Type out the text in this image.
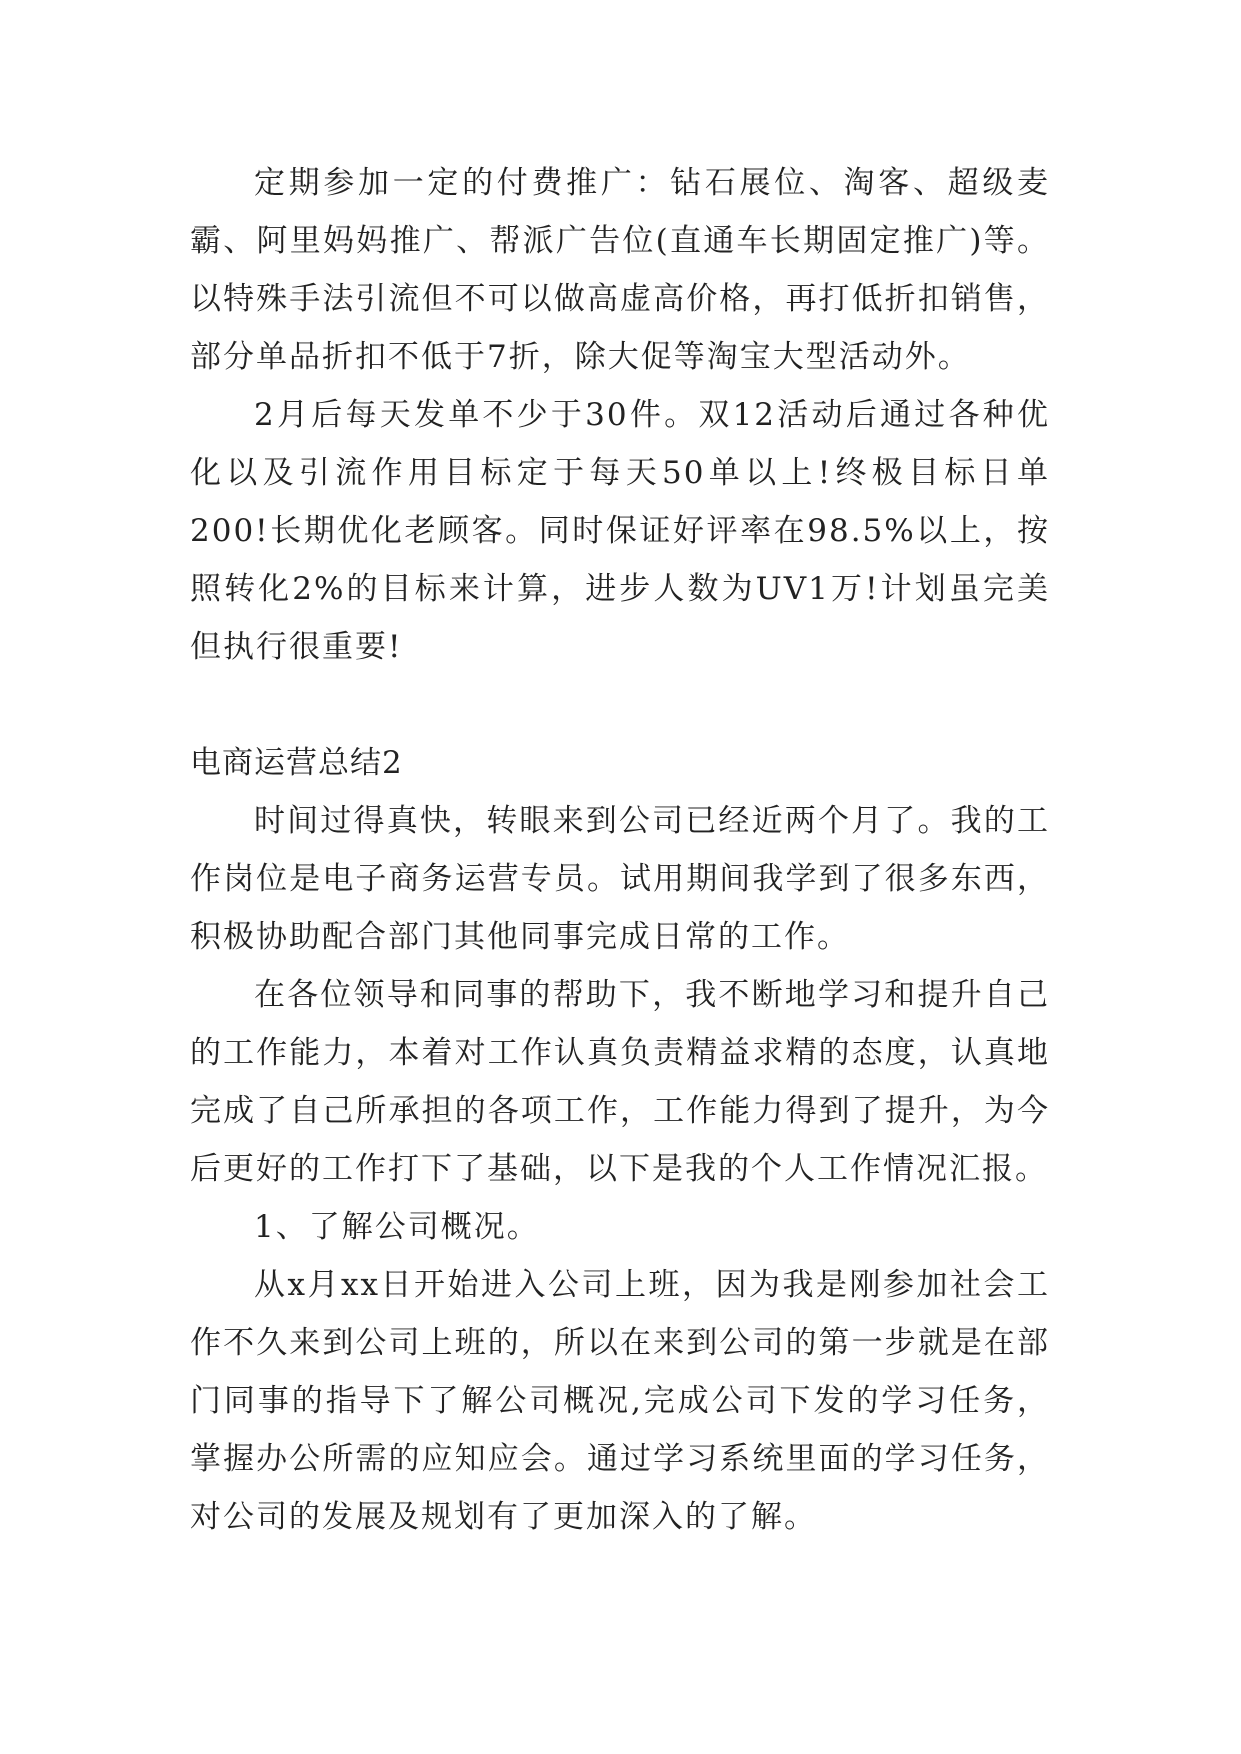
定期参加一定的付费推广：钻石展位、淘客、超级麦霸、阿里妈妈推广、帮派广告位(直通车长期固定推广)等。以特殊手法引流但不可以做高虚高价格，再打低折扣销售，部分单品折扣不低于7折，除大促等淘宝大型活动外。

2月后每天发单不少于30件。双12活动后通过各种优化以及引流作用目标定于每天50单以上!终极目标日单200!长期优化老顾客。同时保证好评率在98.5%以上，按照转化2%的目标来计算，进步人数为UV1万!计划虽完美但执行很重要!

电商运营总结2

时间过得真快，转眼来到公司已经近两个月了。我的工作岗位是电子商务运营专员。试用期间我学到了很多东西，积极协助配合部门其他同事完成日常的工作。

在各位领导和同事的帮助下，我不断地学习和提升自己的工作能力，本着对工作认真负责精益求精的态度，认真地完成了自己所承担的各项工作，工作能力得到了提升，为今后更好的工作打下了基础，以下是我的个人工作情况汇报。

1、了解公司概况。

从x月xx日开始进入公司上班，因为我是刚参加社会工作不久来到公司上班的，所以在来到公司的第一步就是在部门同事的指导下了解公司概况,完成公司下发的学习任务，掌握办公所需的应知应会。通过学习系统里面的学习任务，对公司的发展及规划有了更加深入的了解。
